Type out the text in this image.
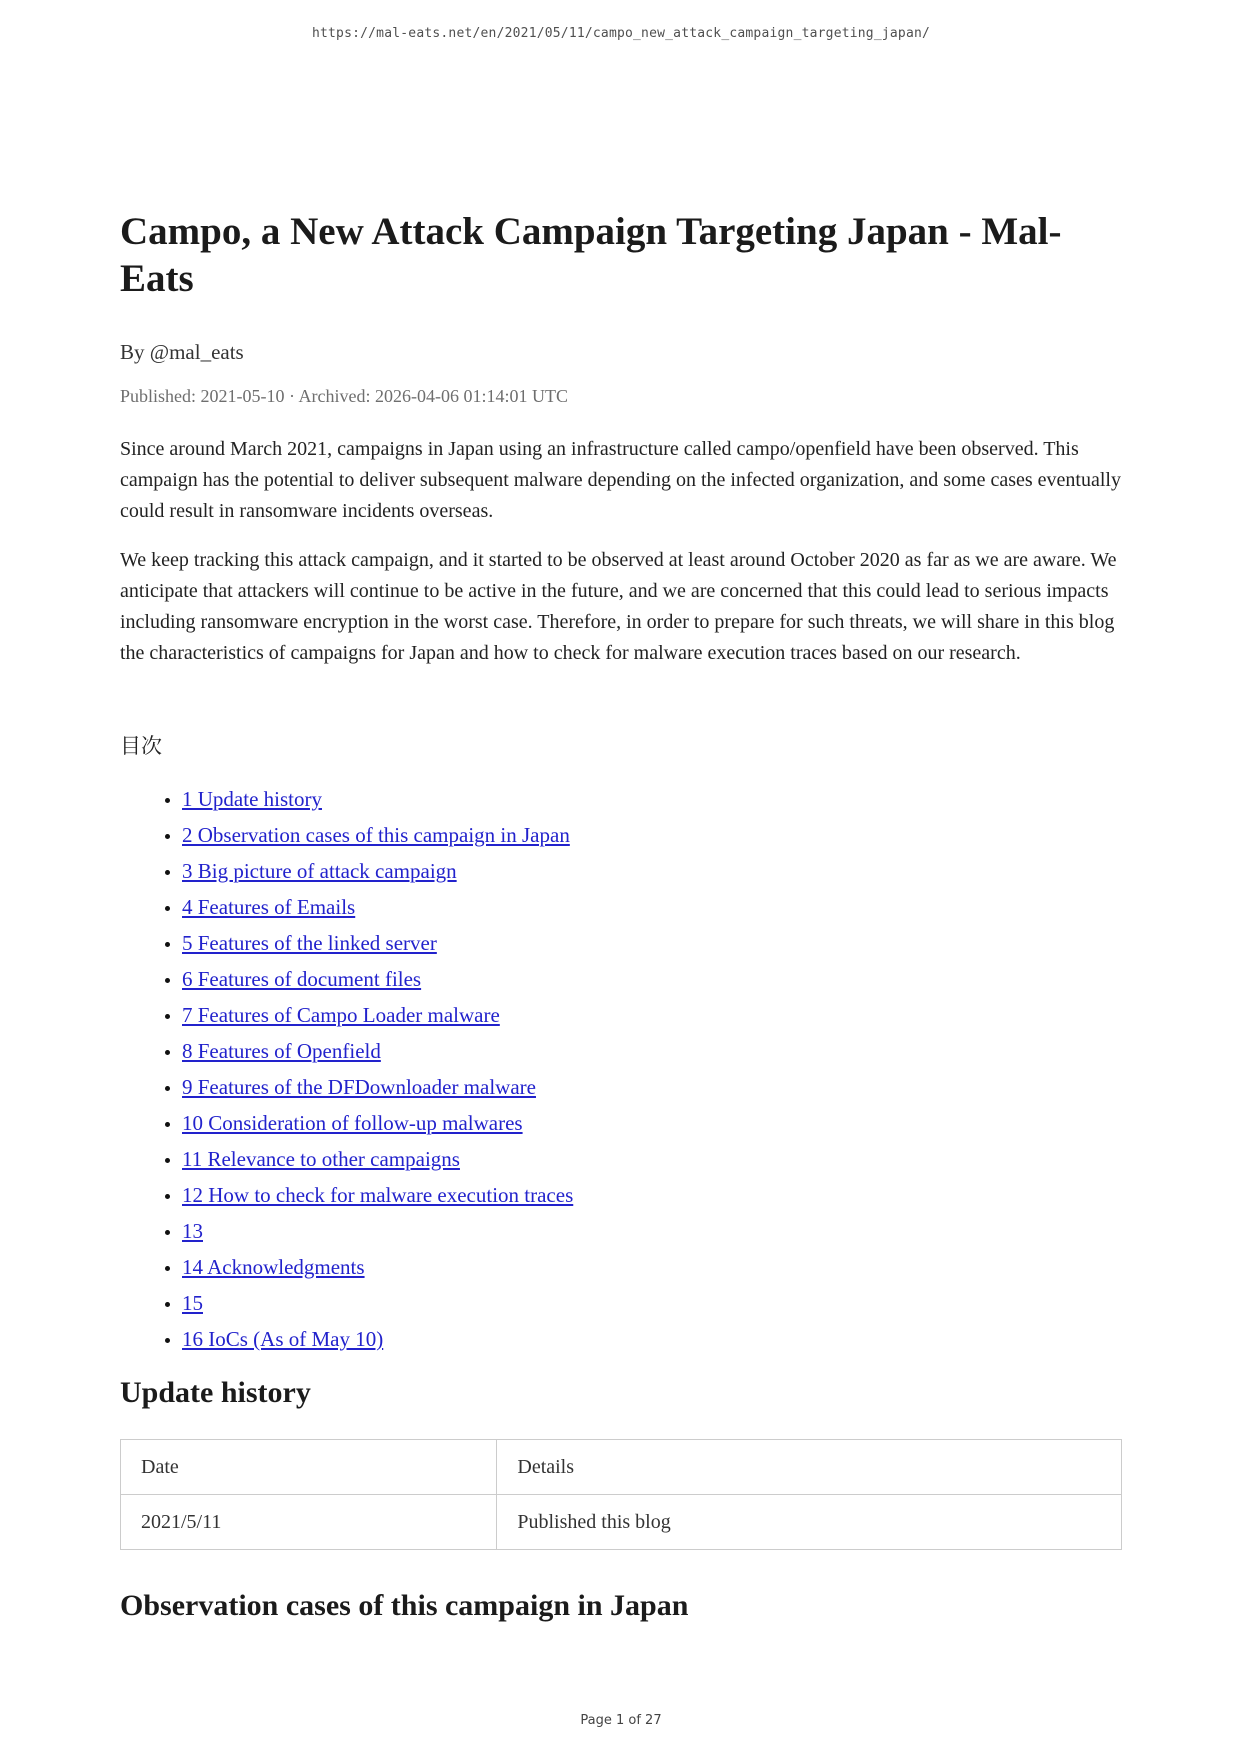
https://mal-eats.net/en/2021/05/11/campo_new_attack_campaign_targeting_japan/
Campo, a New Attack Campaign Targeting Japan - Mal-Eats
By @mal_eats
Published: 2021-05-10 · Archived: 2026-04-06 01:14:01 UTC

Since around March 2021, campaigns in Japan using an infrastructure called campo/openfield have been observed. This campaign has the potential to deliver subsequent malware depending on the infected organization, and some cases eventually could result in ransomware incidents overseas.

We keep tracking this attack campaign, and it started to be observed at least around October 2020 as far as we are aware. We anticipate that attackers will continue to be active in the future, and we are concerned that this could lead to serious impacts including ransomware encryption in the worst case. Therefore, in order to prepare for such threats, we will share in this blog the characteristics of campaigns for Japan and how to check for malware execution traces based on our research.

目次
• 1 Update history
• 2 Observation cases of this campaign in Japan
• 3 Big picture of attack campaign
• 4 Features of Emails
• 5 Features of the linked server
• 6 Features of document files
• 7 Features of Campo Loader malware
• 8 Features of Openfield
• 9 Features of the DFDownloader malware
• 10 Consideration of follow-up malwares
• 11 Relevance to other campaigns
• 12 How to check for malware execution traces
• 13
• 14 Acknowledgments
• 15
• 16 IoCs (As of May 10)
Update history
Date	Details
2021/5/11	Published this blog
Observation cases of this campaign in Japan
Page 1 of 27
